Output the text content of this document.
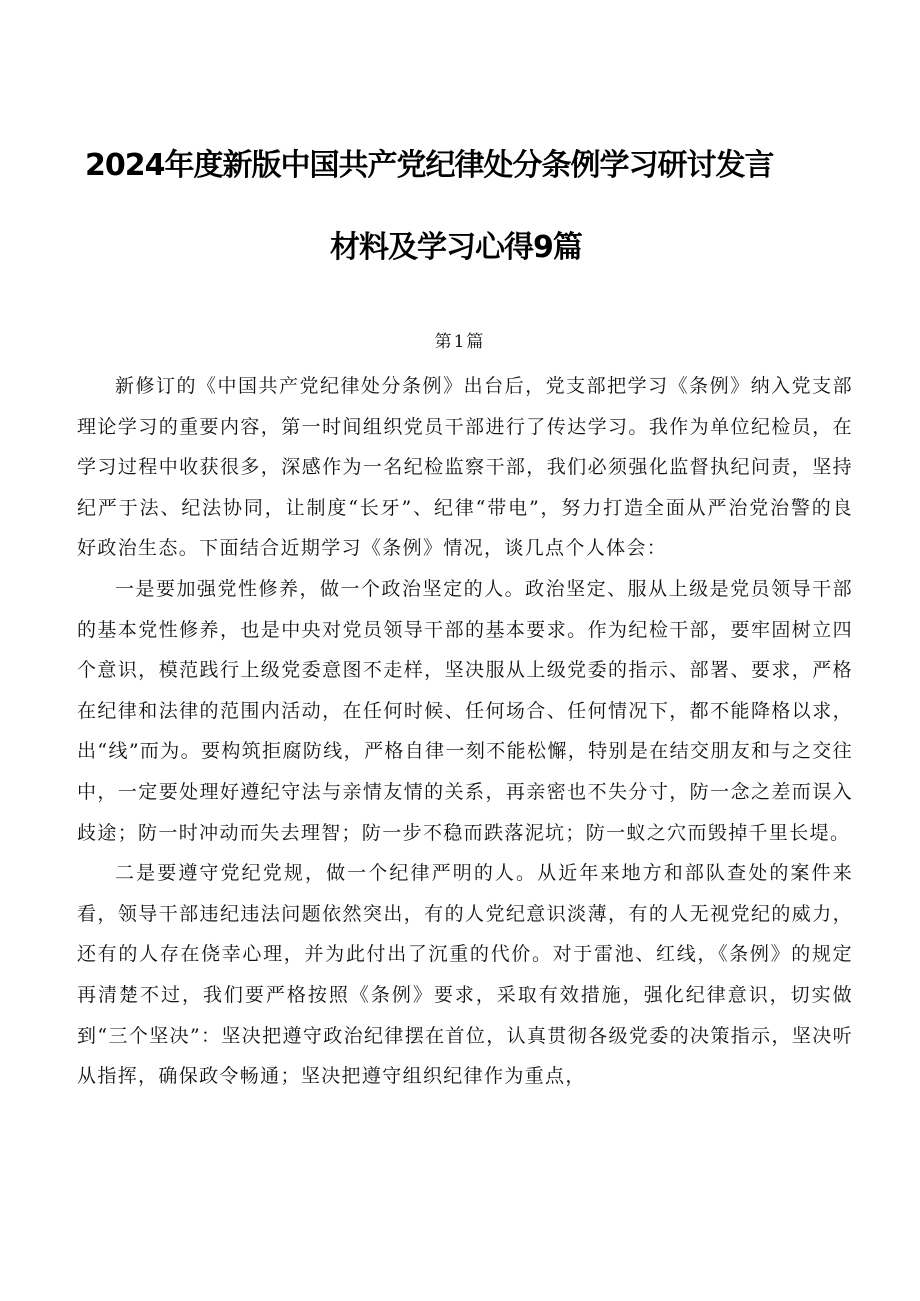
2024年度新版中国共产党纪律处分条例学习研讨发言
材料及学习心得9篇
第1篇

新修订的《中国共产党纪律处分条例》出台后，党支部把学习《条例》纳入党支部理论学习的重要内容，第一时间组织党员干部进行了传达学习。我作为单位纪检员，在学习过程中收获很多，深感作为一名纪检监察干部，我们必须强化监督执纪问责，坚持纪严于法、纪法协同，让制度“长牙”、纪律“带电”，努力打造全面从严治党治警的良好政治生态。下面结合近期学习《条例》情况，谈几点个人体会：

一是要加强党性修养，做一个政治坚定的人。政治坚定、服从上级是党员领导干部的基本党性修养，也是中央对党员领导干部的基本要求。作为纪检干部，要牢固树立四个意识，模范践行上级党委意图不走样，坚决服从上级党委的指示、部署、要求，严格在纪律和法律的范围内活动，在任何时候、任何场合、任何情况下，都不能降格以求，出“线”而为。要构筑拒腐防线，严格自律一刻不能松懈，特别是在结交朋友和与之交往中，一定要处理好遵纪守法与亲情友情的关系，再亲密也不失分寸，防一念之差而误入歧途；防一时冲动而失去理智；防一步不稳而跌落泥坑；防一蚁之穴而毁掉千里长堤。

二是要遵守党纪党规，做一个纪律严明的人。从近年来地方和部队查处的案件来看，领导干部违纪违法问题依然突出，有的人党纪意识淡薄，有的人无视党纪的威力，还有的人存在侥幸心理，并为此付出了沉重的代价。对于雷池、红线，《条例》的规定再清楚不过，我们要严格按照《条例》要求，采取有效措施，强化纪律意识，切实做到“三个坚决”：坚决把遵守政治纪律摆在首位，认真贯彻各级党委的决策指示，坚决听从指挥，确保政令畅通；坚决把遵守组织纪律作为重点，
